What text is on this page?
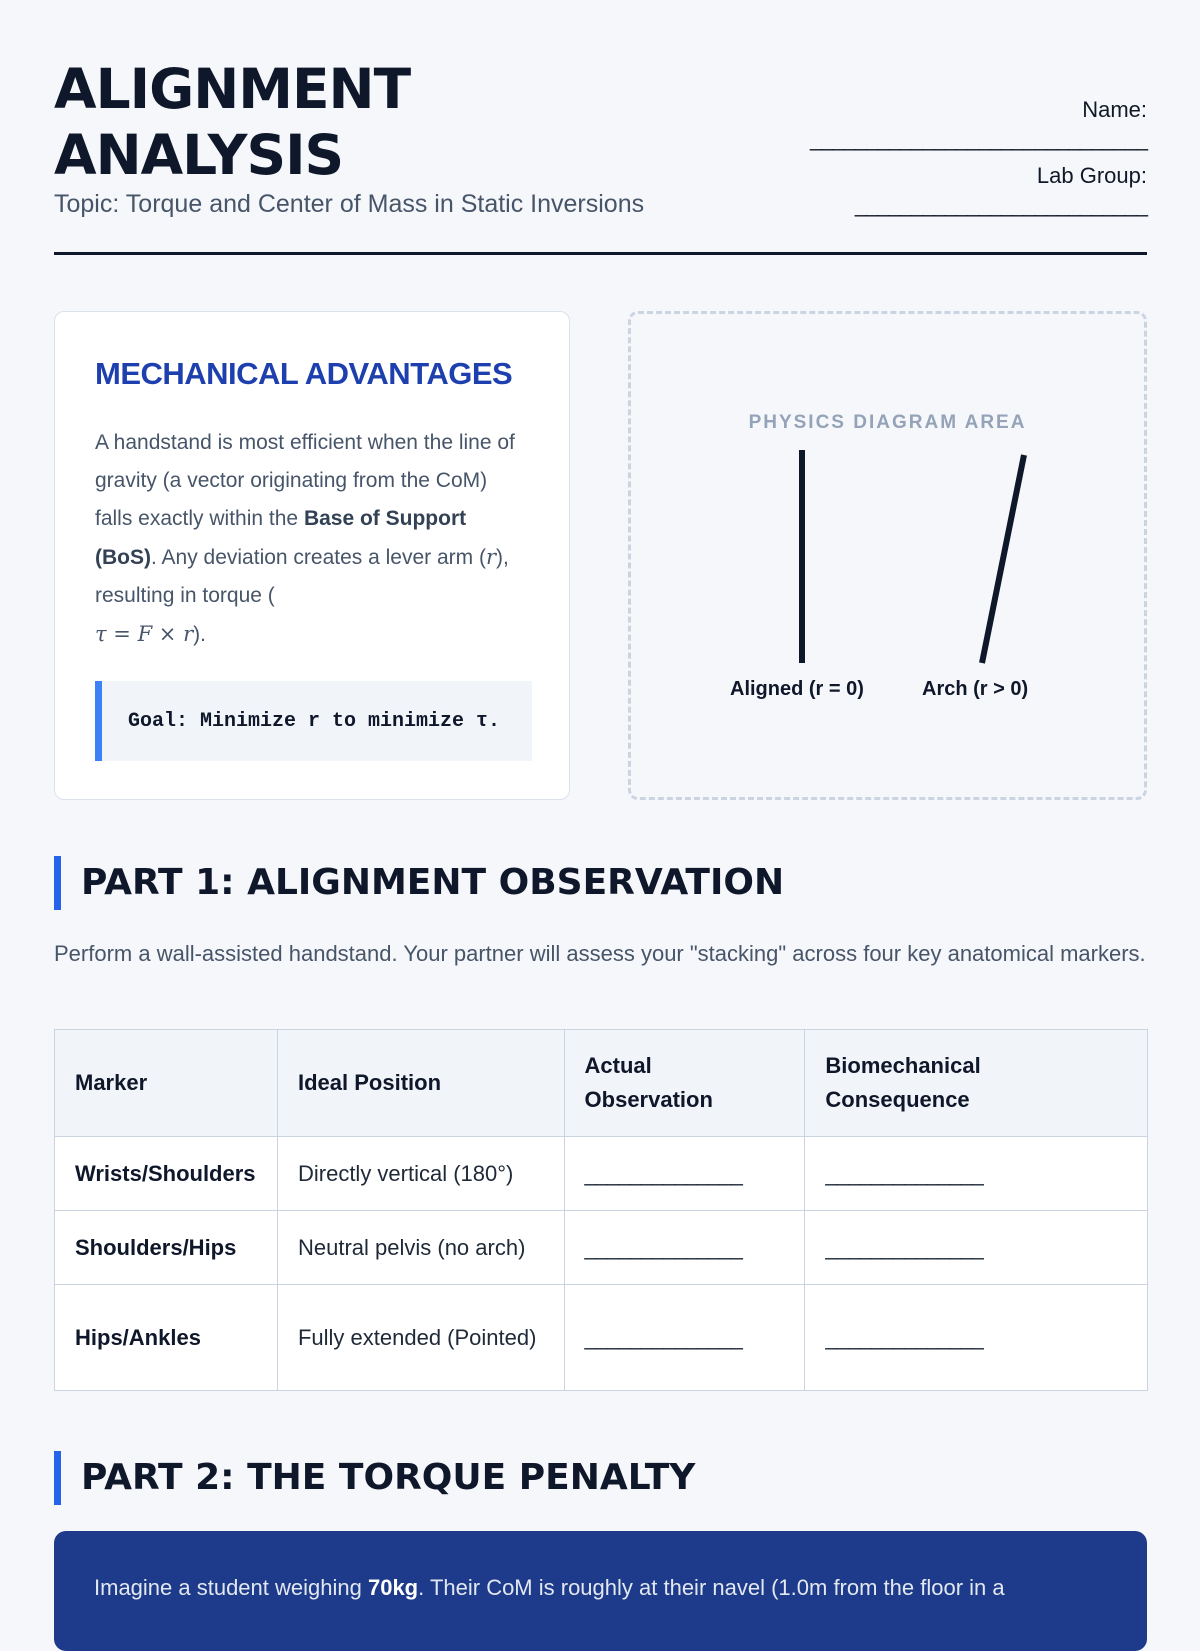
ALIGNMENT
ANALYSIS
Topic: Torque and Center of Mass in Static Inversions
Name:
______________________________
Lab Group:
__________________________
MECHANICAL ADVANTAGES
A handstand is most efficient when the line of gravity (a vector originating from the CoM) falls exactly within the Base of Support (BoS). Any deviation creates a lever arm (r), resulting in torque (
τ = F × r).
Goal: Minimize r to minimize τ.
PHYSICS DIAGRAM AREA
Aligned (r = 0)	Arch (r > 0)
PART 1: ALIGNMENT OBSERVATION
Perform a wall-assisted handstand. Your partner will assess your "stacking" across four key anatomical markers.
Marker	Ideal Position	Actual Observation	Biomechanical Consequence
Wrists/Shoulders	Directly vertical (180°)	______________	______________
Shoulders/Hips	Neutral pelvis (no arch)	______________	______________
Hips/Ankles	Fully extended (Pointed)	______________	______________
PART 2: THE TORQUE PENALTY

Imagine a student weighing 70kg. Their CoM is roughly at their navel (1.0m from the floor in a
